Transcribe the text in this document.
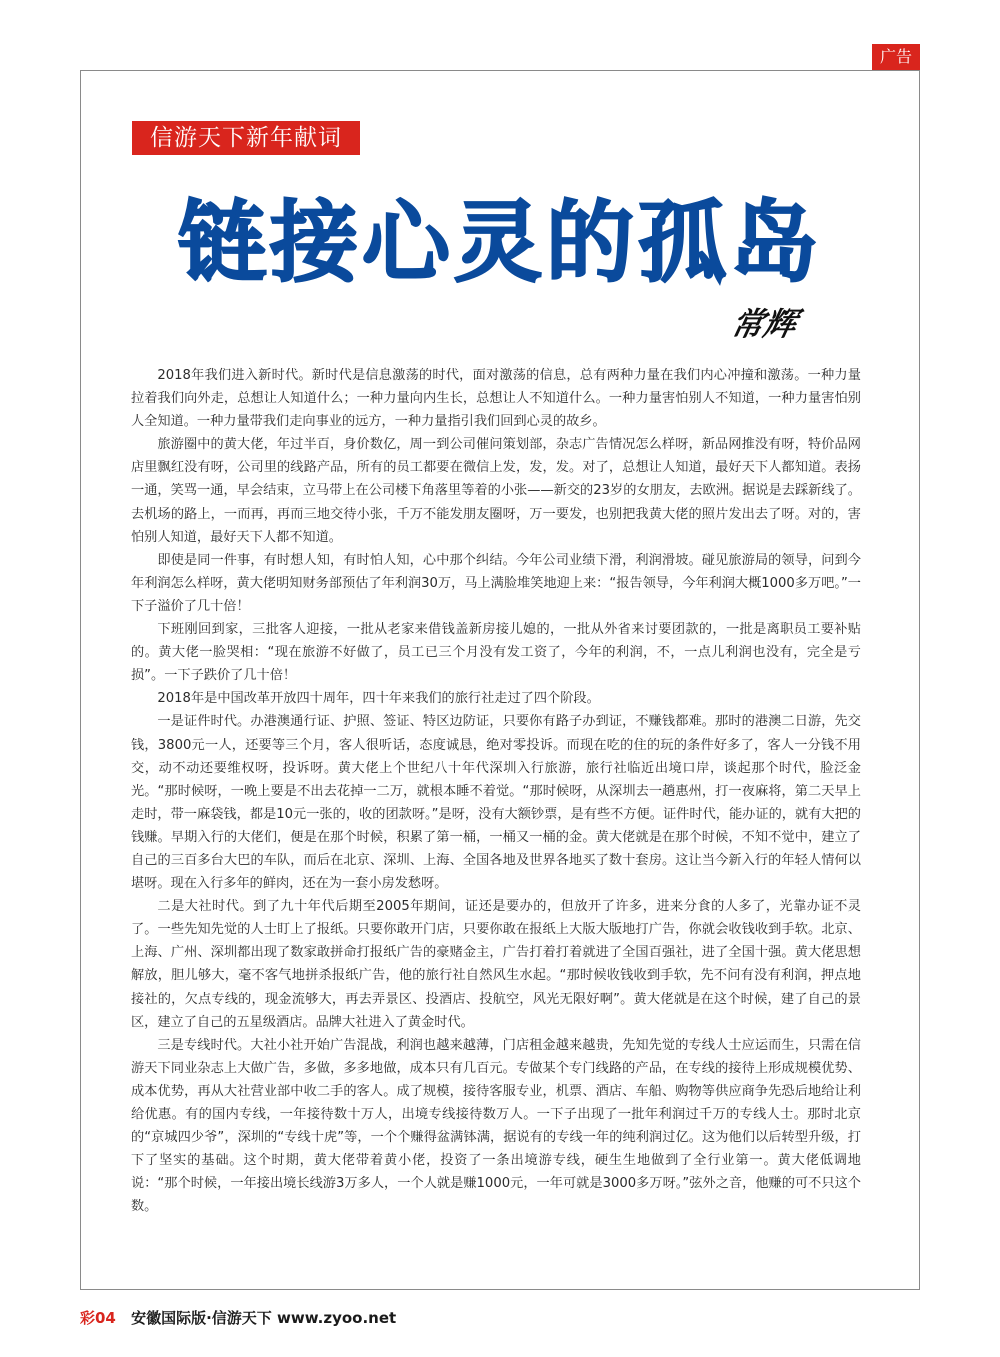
广告
信游天下新年献词
链接心灵的孤岛
常辉

2018年我们进入新时代。新时代是信息激荡的时代，面对激荡的信息，总有两种力量在我们内心冲撞和激荡。一种力量拉着我们向外走，总想让人知道什么；一种力量向内生长，总想让人不知道什么。一种力量害怕别人不知道，一种力量害怕别人全知道。一种力量带我们走向事业的远方，一种力量指引我们回到心灵的故乡。

旅游圈中的黄大佬，年过半百，身价数亿，周一到公司催问策划部，杂志广告情况怎么样呀，新品网推没有呀，特价品网店里飘红没有呀，公司里的线路产品，所有的员工都要在微信上发，发，发。对了，总想让人知道，最好天下人都知道。表扬一通，笑骂一通，早会结束，立马带上在公司楼下角落里等着的小张——新交的23岁的女朋友，去欧洲。据说是去踩新线了。去机场的路上，一而再，再而三地交待小张，千万不能发朋友圈呀，万一要发，也别把我黄大佬的照片发出去了呀。对的，害怕别人知道，最好天下人都不知道。

即使是同一件事，有时想人知，有时怕人知，心中那个纠结。今年公司业绩下滑，利润滑坡。碰见旅游局的领导，问到今年利润怎么样呀，黄大佬明知财务部预估了年利润30万，马上满脸堆笑地迎上来：“报告领导，今年利润大概1000多万吧。”一下子溢价了几十倍！

下班刚回到家，三批客人迎接，一批从老家来借钱盖新房接儿媳的，一批从外省来讨要团款的，一批是离职员工要补贴的。黄大佬一脸哭相：“现在旅游不好做了，员工已三个月没有发工资了，今年的利润，不，一点儿利润也没有，完全是亏损”。一下子跌价了几十倍！

2018年是中国改革开放四十周年，四十年来我们的旅行社走过了四个阶段。

一是证件时代。办港澳通行证、护照、签证、特区边防证，只要你有路子办到证，不赚钱都难。那时的港澳二日游，先交钱，3800元一人，还要等三个月，客人很听话，态度诚恳，绝对零投诉。而现在吃的住的玩的条件好多了，客人一分钱不用交，动不动还要维权呀，投诉呀。黄大佬上个世纪八十年代深圳入行旅游，旅行社临近出境口岸，谈起那个时代，脸泛金光。“那时候呀，一晚上要是不出去花掉一二万，就根本睡不着觉。“那时候呀，从深圳去一趟惠州，打一夜麻将，第二天早上走时，带一麻袋钱，都是10元一张的，收的团款呀。”是呀，没有大额钞票，是有些不方便。证件时代，能办证的，就有大把的钱赚。早期入行的大佬们，便是在那个时候，积累了第一桶，一桶又一桶的金。黄大佬就是在那个时候，不知不觉中，建立了自己的三百多台大巴的车队，而后在北京、深圳、上海、全国各地及世界各地买了数十套房。这让当今新入行的年轻人情何以堪呀。现在入行多年的鲜肉，还在为一套小房发愁呀。

二是大社时代。到了九十年代后期至2005年期间，证还是要办的，但放开了许多，进来分食的人多了，光靠办证不灵了。一些先知先觉的人士盯上了报纸。只要你敢开门店，只要你敢在报纸上大版大版地打广告，你就会收钱收到手软。北京、上海、广州、深圳都出现了数家敢拼命打报纸广告的豪赌金主，广告打着打着就进了全国百强社，进了全国十强。黄大佬思想解放，胆儿够大，毫不客气地拼杀报纸广告，他的旅行社自然风生水起。“那时候收钱收到手软，先不问有没有利润，押点地接社的，欠点专线的，现金流够大，再去弄景区、投酒店、投航空，风光无限好啊”。黄大佬就是在这个时候，建了自己的景区，建立了自己的五星级酒店。品牌大社进入了黄金时代。

三是专线时代。大社小社开始广告混战，利润也越来越薄，门店租金越来越贵，先知先觉的专线人士应运而生，只需在信游天下同业杂志上大做广告，多做，多多地做，成本只有几百元。专做某个专门线路的产品，在专线的接待上形成规模优势、成本优势，再从大社营业部中收二手的客人。成了规模，接待客服专业，机票、酒店、车船、购物等供应商争先恐后地给让利给优惠。有的国内专线，一年接待数十万人，出境专线接待数万人。一下子出现了一批年利润过千万的专线人士。那时北京的“京城四少爷”，深圳的“专线十虎”等，一个个赚得盆满钵满，据说有的专线一年的纯利润过亿。这为他们以后转型升级，打下了坚实的基础。这个时期，黄大佬带着黄小佬，投资了一条出境游专线，硬生生地做到了全行业第一。黄大佬低调地说：“那个时候，一年接出境长线游3万多人，一个人就是赚1000元，一年可就是3000多万呀。”弦外之音，他赚的可不只这个数。

彩04 安徽国际版·信游天下 www.zyoo.net
